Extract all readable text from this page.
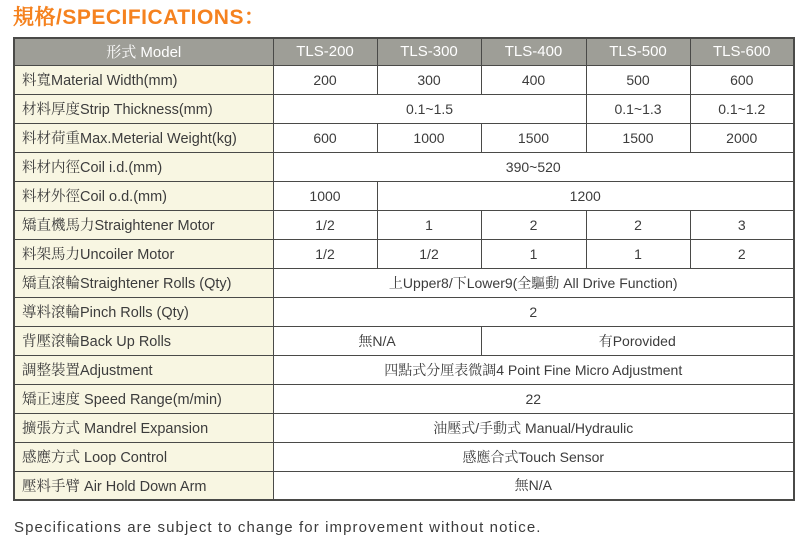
規格/SPECIFICATIONS：
形式 Model	TLS-200	TLS-300	TLS-400	TLS-500	TLS-600
料寬Material Width(mm)	200	300	400	500	600
材料厚度Strip Thickness(mm)	0.1~1.5			0.1~1.3	0.1~1.2
料材荷重Max.Meterial Weight(kg)	600	1000	1500	1500	2000
料材内徑Coil i.d.(mm)	390~520				
料材外徑Coil o.d.(mm)	1000	1200			
矯直機馬力Straightener Motor	1/2	1	2	2	3
料架馬力Uncoiler Motor	1/2	1/2	1	1	2
矯直滾輪Straightener Rolls (Qty)	上Upper8/下Lower9(全驅動 All Drive Function)				
導料滾輪Pinch Rolls (Qty)	2				
背壓滾輪Back Up Rolls	無N/A		有Porovided		
調整裝置Adjustment	四點式分厘表微調4 Point Fine Micro Adjustment				
矯正速度 Speed Range(m/min)	22				
擴張方式 Mandrel Expansion	油壓式/手動式 Manual/Hydraulic				
感應方式 Loop Control	感應合式Touch Sensor				
壓料手臂 Air Hold Down Arm	無N/A				
Specifications are subject to change for improvement without notice.
